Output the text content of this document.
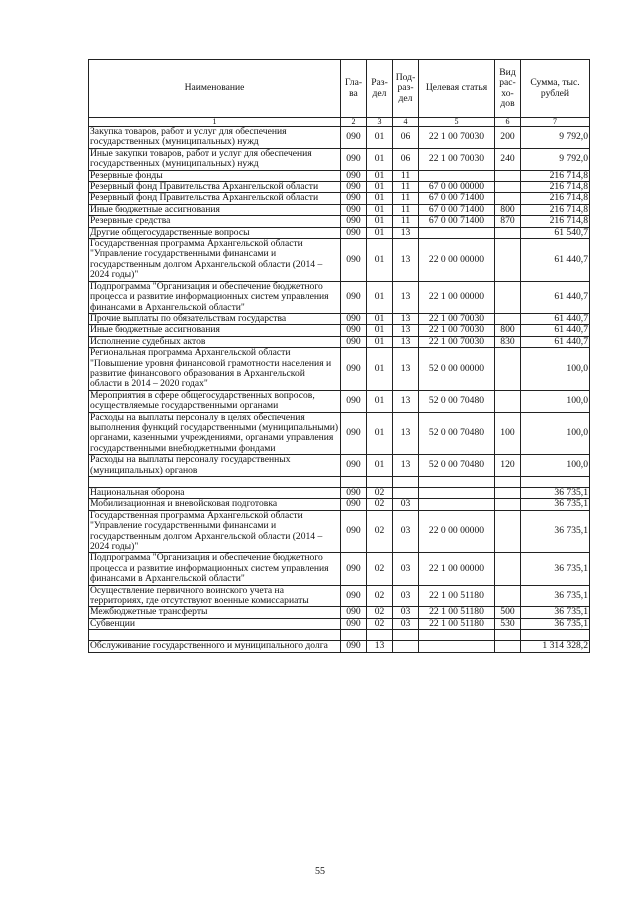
Наименование	Гла-ва	Раз-дел	Под-раз-дел	Целевая статья	Вид рас-хо-дов	Сумма, тыс. рублей
1	2	3	4	5	6	7
Закупка товаров, работ и услуг для обеспечения государственных (муниципальных) нужд	090	01	06	22 1 00 70030	200	9 792,0
Иные закупки товаров, работ и услуг для обеспечения государственных (муниципальных) нужд	090	01	06	22 1 00 70030	240	9 792,0
Резервные фонды	090	01	11			216 714,8
Резервный фонд Правительства Архангельской области	090	01	11	67 0 00 00000		216 714,8
Резервный фонд Правительства Архангельской области	090	01	11	67 0 00 71400		216 714,8
Иные бюджетные ассигнования	090	01	11	67 0 00 71400	800	216 714,8
Резервные средства	090	01	11	67 0 00 71400	870	216 714,8
Другие общегосударственные вопросы	090	01	13			61 540,7
Государственная программа Архангельской области "Управление государственными финансами и государственным долгом Архангельской области (2014 – 2024 годы)"	090	01	13	22 0 00 00000		61 440,7
Подпрограмма "Организация и обеспечение бюджетного процесса и развитие информационных систем управления финансами в Архангельской области"	090	01	13	22 1 00 00000		61 440,7
Прочие выплаты по обязательствам государства	090	01	13	22 1 00 70030		61 440,7
Иные бюджетные ассигнования	090	01	13	22 1 00 70030	800	61 440,7
Исполнение судебных актов	090	01	13	22 1 00 70030	830	61 440,7
Региональная программа Архангельской области "Повышение уровня финансовой грамотности населения и развитие финансового образования в Архангельской области в 2014 – 2020 годах"	090	01	13	52 0 00 00000		100,0
Мероприятия в сфере общегосударственных вопросов, осуществляемые государственными органами	090	01	13	52 0 00 70480		100,0
Расходы на выплаты персоналу в целях обеспечения выполнения функций государственными (муниципальными) органами, казенными учреждениями, органами управления государственными внебюджетными фондами	090	01	13	52 0 00 70480	100	100,0
Расходы на выплаты персоналу государственных (муниципальных) органов	090	01	13	52 0 00 70480	120	100,0

Национальная оборона	090	02				36 735,1
Мобилизационная и вневойсковая подготовка	090	02	03			36 735,1
Государственная программа Архангельской области "Управление государственными финансами и государственным долгом Архангельской области (2014 – 2024 годы)"	090	02	03	22 0 00 00000		36 735,1
Подпрограмма "Организация и обеспечение бюджетного процесса и развитие информационных систем управления финансами в Архангельской области"	090	02	03	22 1 00 00000		36 735,1
Осуществление первичного воинского учета на территориях, где отсутствуют военные комиссариаты	090	02	03	22 1 00 51180		36 735,1
Межбюджетные трансферты	090	02	03	22 1 00 51180	500	36 735,1
Субвенции	090	02	03	22 1 00 51180	530	36 735,1

Обслуживание государственного и муниципального долга	090	13				1 314 328,2
55
